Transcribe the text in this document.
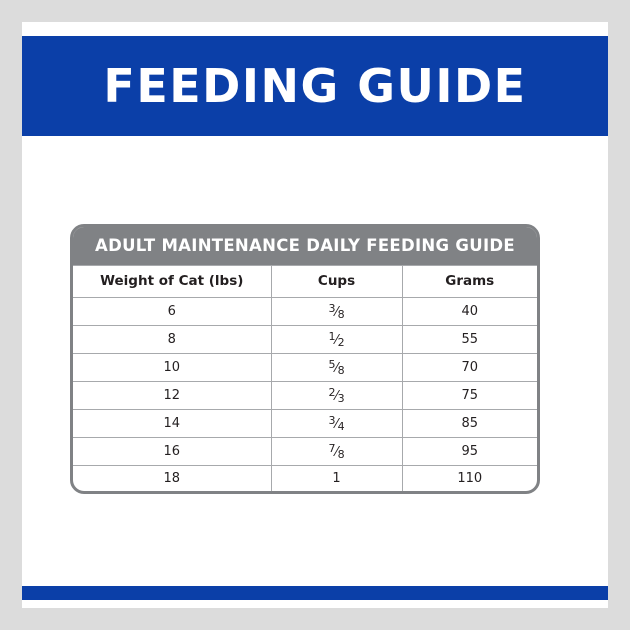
FEEDING GUIDE
ADULT MAINTENANCE DAILY FEEDING GUIDE
Weight of Cat (lbs)	Cups	Grams
6	3⁄8	40
8	1⁄2	55
10	5⁄8	70
12	2⁄3	75
14	3⁄4	85
16	7⁄8	95
18	1	110
